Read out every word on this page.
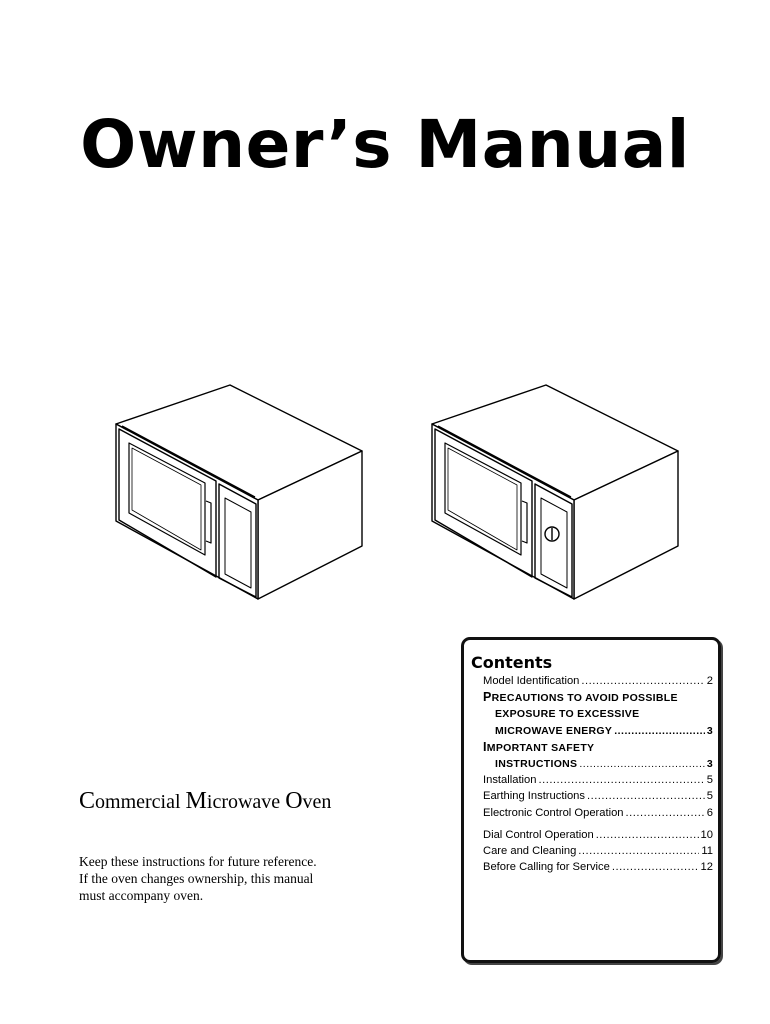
Owner’s Manual
Commercial Microwave Oven
Keep these instructions for future reference.
If the oven changes ownership, this manual
must accompany oven.
Contents
Model Identification .....	2
PRECAUTIONS TO AVOID POSSIBLE
EXPOSURE TO EXCESSIVE
MICROWAVE ENERGY .....	3
IMPORTANT SAFETY
INSTRUCTIONS .....	3
Installation .....	5
Earthing Instructions .....	5
Electronic Control Operation .....	6
Dial Control Operation .....	10
Care and Cleaning .....	11
Before Calling for Service .....	12
